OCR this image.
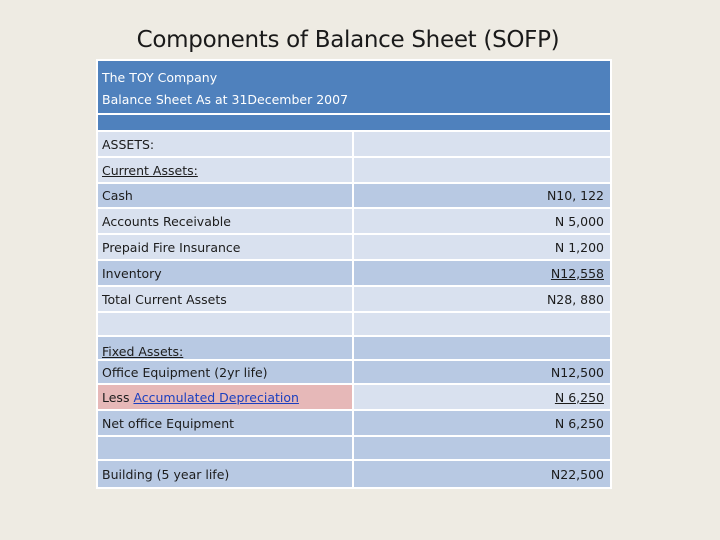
Components of Balance Sheet (SOFP)
The TOY Company
Balance Sheet As at 31December 2007	

ASSETS:	
Current Assets:	
Cash	N10, 122
Accounts Receivable	N 5,000
Prepaid Fire Insurance	N 1,200
Inventory	N12,558
Total Current Assets	N28, 880

Fixed Assets:	
Office Equipment (2yr life)	N12,500
Less Accumulated Depreciation	N 6,250
Net office Equipment	N 6,250

Building (5 year life)	N22,500
